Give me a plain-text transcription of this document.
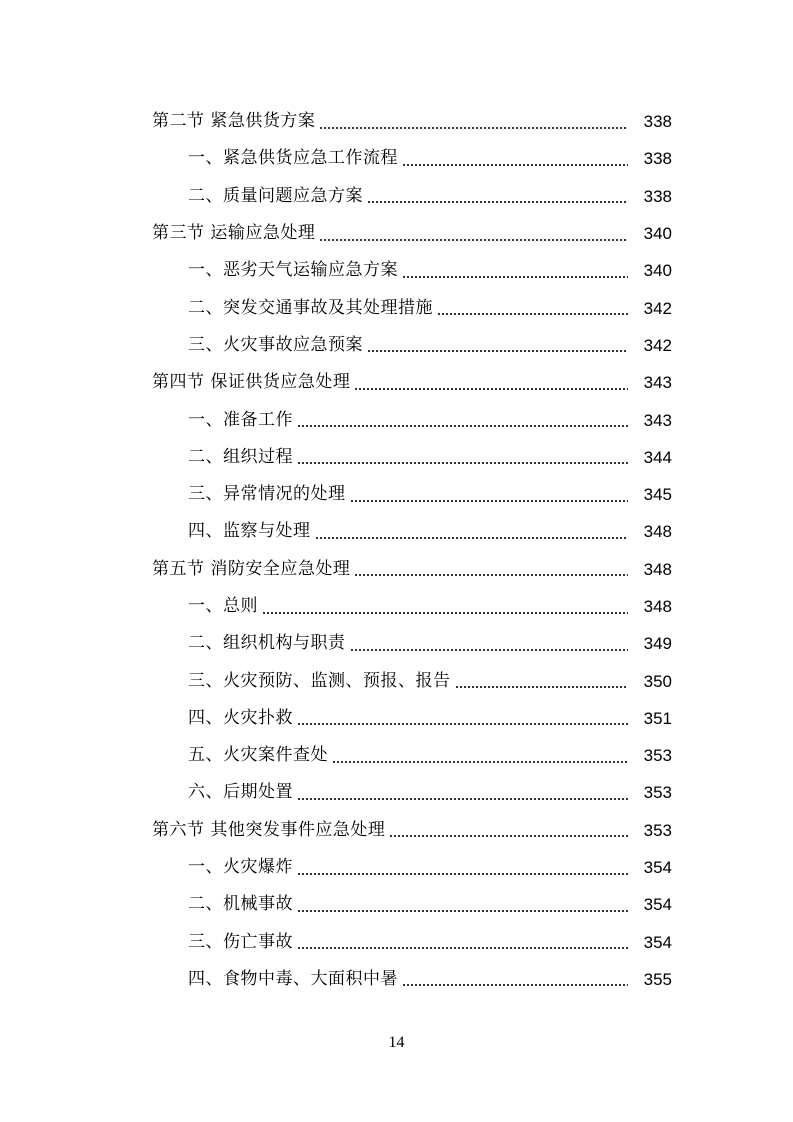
第二节 紧急供货方案	338
一、紧急供货应急工作流程	338
二、质量问题应急方案	338
第三节 运输应急处理	340
一、恶劣天气运输应急方案	340
二、突发交通事故及其处理措施	342
三、火灾事故应急预案	342
第四节 保证供货应急处理	343
一、准备工作	343
二、组织过程	344
三、异常情况的处理	345
四、监察与处理	348
第五节 消防安全应急处理	348
一、总则	348
二、组织机构与职责	349
三、火灾预防、监测、预报、报告	350
四、火灾扑救	351
五、火灾案件查处	353
六、后期处置	353
第六节 其他突发事件应急处理	353
一、火灾爆炸	354
二、机械事故	354
三、伤亡事故	354
四、食物中毒、大面积中暑	355
14
